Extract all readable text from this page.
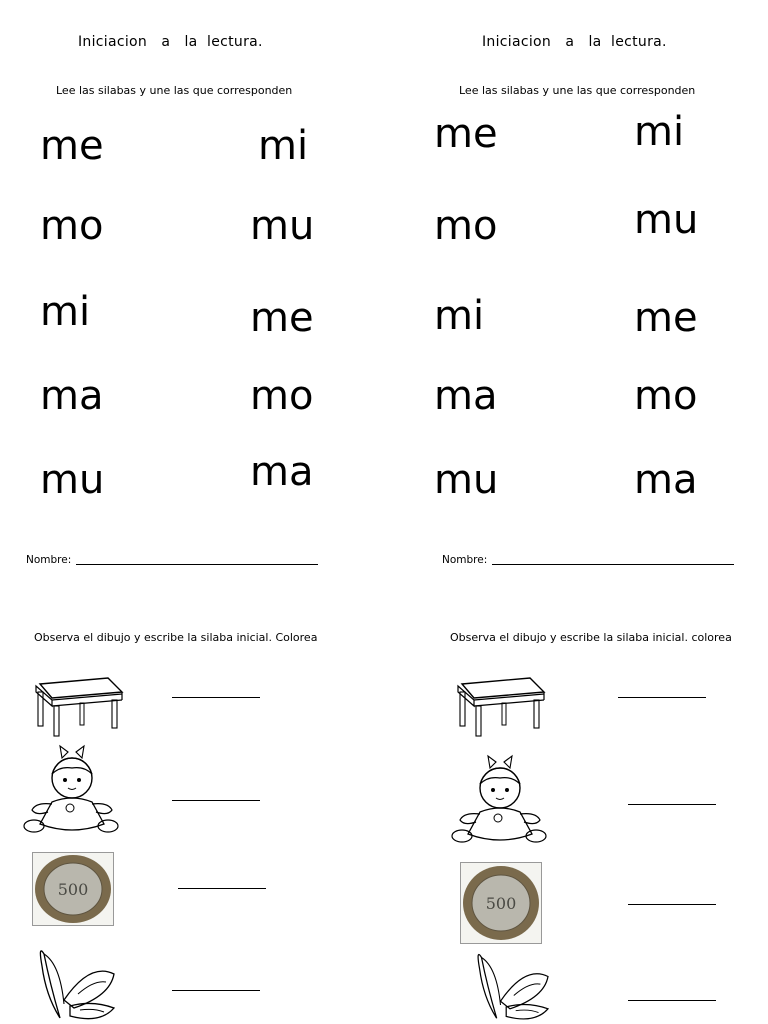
Iniciacion   a   la  lectura.
Lee las silabas y une las que corresponden
me
mo
mi
ma
mu
mi
mu
me
mo
ma
Nombre:
Observa el dibujo y escribe la silaba inicial. Colorea
500
Iniciacion   a   la  lectura.
Lee las silabas y une las que corresponden
me
mo
mi
ma
mu
mi
mu
me
mo
ma
Nombre:
Observa el dibujo y escribe la silaba inicial. colorea
500
